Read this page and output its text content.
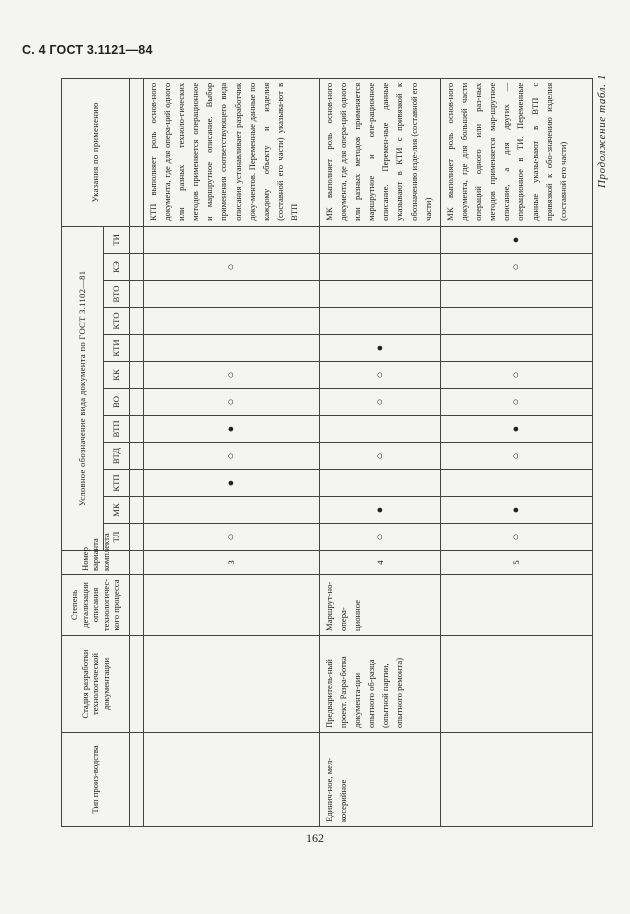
С. 4 ГОСТ 3.1121—84
Продолжение табл. 1
Тип произ-водства	Стадия разработки технологической документации	Степень детализации описания технологичес-кого процесса	Номер варианта комплекта	Условное обозначение вида документа по ГОСТ 3.1102—81												Указания по применению
				ТЛ	МК	КТП	ВТД	ВТП	ВО	КК	КТИ	КТО	ВТО	КЭ	ТИ	

			3	○		●	○	●	○	○				○		КТП выполняет роль основ-ного документа, где для опера-ций одного или разных техноло-гических методов применяется операционное и маршрутное описание. Выбор применения соответствующего вида описания устанавливает разработчик доку-ментов. Переменные данные по каждому объекту и изделия (составной его части) указыва-ют в ВТП
Единич-ное, мел-косерийное	Предваритель-ный проект. Разра-ботка документа-ции опытного об-разца (опытной партии, опытного ремонта)	Маршрут-но-опера-ционное	4	○	●		○		○	○	●					МК выполняет роль основ-ного документа, где для опера-ций одного или разных методов применяется маршрутное и опе-рационное описание. Перемен-ные данные указывают в КТИ с привязкой к обозначению изде-лия (составной его части)
			5	○	●		○	●	○	○				○	●	МК выполняет роль основ-ного документа, где для большей части операций одного или раз-ных методов применяется мар-шрутное описание, а для других — операционное в ТИ. Переменные данные указы-вают в ВТП с привязкой к обо-значению изделия (составной его части)
162
